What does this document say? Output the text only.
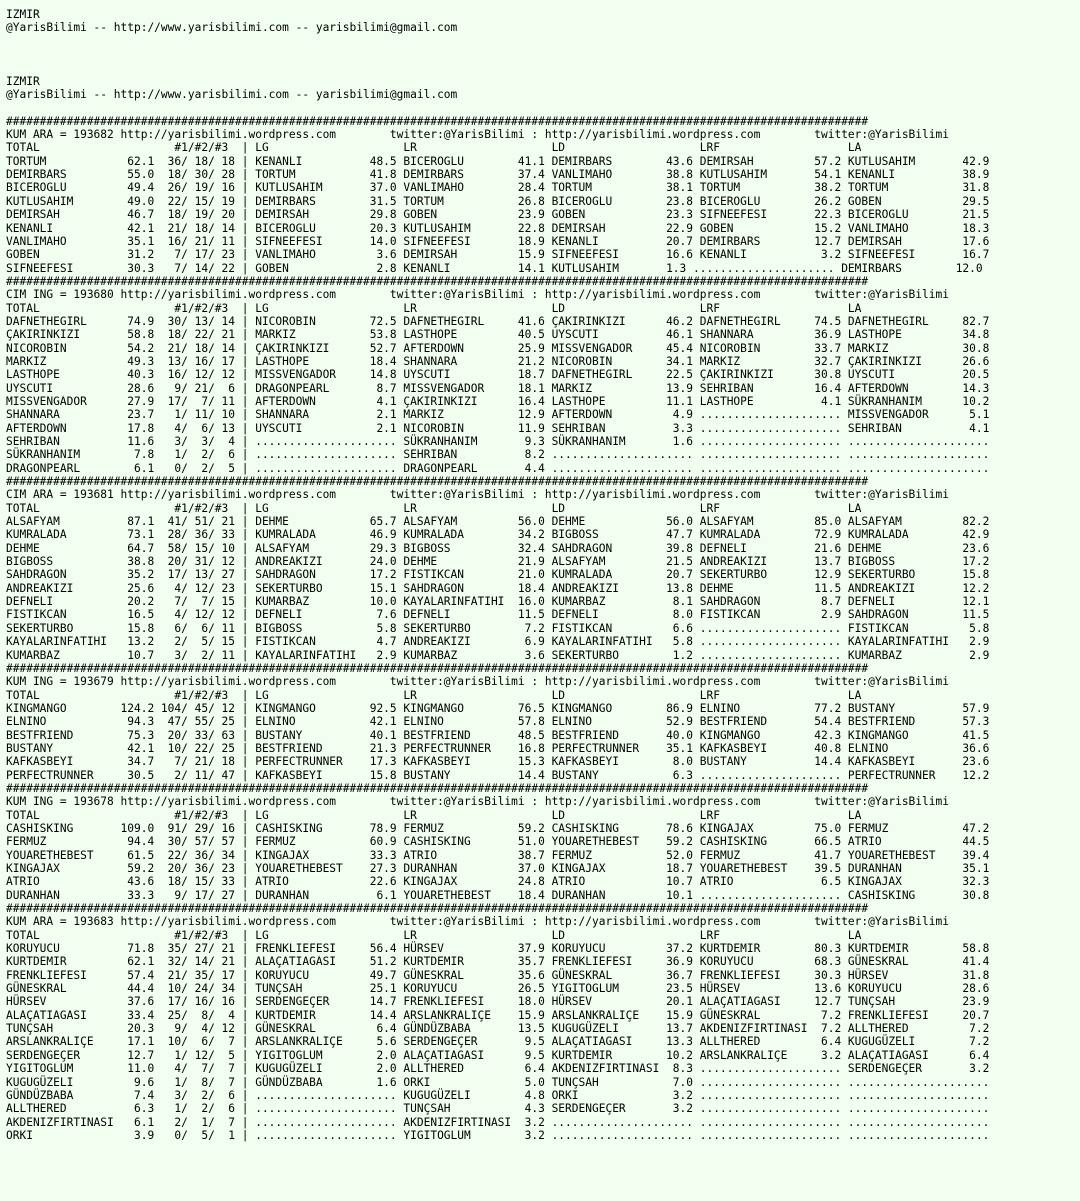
IZMIR
@YarisBilimi -- http://www.yarisbilimi.com -- yarisbilimi@gmail.com

IZMIR
@YarisBilimi -- http://www.yarisbilimi.com -- yarisbilimi@gmail.com

################################################################################################################################
KUM ARA = 193682 http://yarisbilimi.wordpress.com        twitter:@YarisBilimi : http://yarisbilimi.wordpress.com        twitter:@YarisBilimi
TOTAL                    #1/#2/#3  | LG                    LR                    LD                    LRF                   LA
TORTUM            62.1  36/ 18/ 18 | KENANLI          48.5 BICEROGLU        41.1 DEMIRBARS        43.6 DEMIRSAH         57.2 KUTLUSAHIM       42.9
DEMIRBARS         55.0  18/ 30/ 28 | TORTUM           41.8 DEMIRBARS        37.4 VANLIMAHO        38.8 KUTLUSAHIM       54.1 KENANLI          38.9
BICEROGLU         49.4  26/ 19/ 16 | KUTLUSAHIM       37.0 VANLIMAHO        28.4 TORTUM           38.1 TORTUM           38.2 TORTUM           31.8
KUTLUSAHIM        49.0  22/ 15/ 19 | DEMIRBARS        31.5 TORTUM           26.8 BICEROGLU        23.8 BICEROGLU        26.2 GOBEN            29.5
DEMIRSAH          46.7  18/ 19/ 20 | DEMIRSAH         29.8 GOBEN            23.9 GOBEN            23.3 SIFNEEFESI       22.3 BICEROGLU        21.5
KENANLI           42.1  21/ 18/ 14 | BICEROGLU        20.3 KUTLUSAHIM       22.8 DEMIRSAH         22.9 GOBEN            15.2 VANLIMAHO        18.3
VANLIMAHO         35.1  16/ 21/ 11 | SIFNEEFESI       14.0 SIFNEEFESI       18.9 KENANLI          20.7 DEMIRBARS        12.7 DEMIRSAH         17.6
GOBEN             31.2   7/ 17/ 23 | VANLIMAHO         3.6 DEMIRSAH         15.9 SIFNEEFESI       16.6 KENANLI           3.2 SIFNEEFESI       16.7
SIFNEEFESI        30.3   7/ 14/ 22 | GOBEN             2.8 KENANLI          14.1 KUTLUSAHIM       1.3 ..................... DEMIRBARS        12.0
################################################################################################################################
CIM ING = 193680 http://yarisbilimi.wordpress.com        twitter:@YarisBilimi : http://yarisbilimi.wordpress.com        twitter:@YarisBilimi
TOTAL                    #1/#2/#3  | LG                    LR                    LD                    LRF                   LA
DAFNETHEGIRL      74.9  30/ 13/ 14 | NICOROBIN        72.5 DAFNETHEGIRL     41.6 ÇAKIRINKIZI      46.2 DAFNETHEGIRL     74.5 DAFNETHEGIRL     82.7
ÇAKIRINKIZI       58.8  18/ 22/ 21 | MARKIZ           53.8 LASTHOPE         40.5 UYSCUTI          46.1 SHANNARA         36.9 LASTHOPE         34.8
NICOROBIN         54.2  21/ 18/ 14 | ÇAKIRINKIZI      52.7 AFTERDOWN        25.9 MISSVENGADOR     45.4 NICOROBIN        33.7 MARKIZ           30.8
MARKIZ            49.3  13/ 16/ 17 | LASTHOPE         18.4 SHANNARA         21.2 NICOROBIN        34.1 MARKIZ           32.7 ÇAKIRINKIZI      26.6
LASTHOPE          40.3  16/ 12/ 12 | MISSVENGADOR     14.8 UYSCUTI          18.7 DAFNETHEGIRL     22.5 ÇAKIRINKIZI      30.8 UYSCUTI          20.5
UYSCUTI           28.6   9/ 21/  6 | DRAGONPEARL       8.7 MISSVENGADOR     18.1 MARKIZ           13.9 SEHRIBAN         16.4 AFTERDOWN        14.3
MISSVENGADOR      27.9  17/  7/ 11 | AFTERDOWN         4.1 ÇAKIRINKIZI      16.4 LASTHOPE         11.1 LASTHOPE          4.1 SÜKRANHANIM      10.2
SHANNARA          23.7   1/ 11/ 10 | SHANNARA          2.1 MARKIZ           12.9 AFTERDOWN         4.9 ..................... MISSVENGADOR      5.1
AFTERDOWN         17.8   4/  6/ 13 | UYSCUTI           2.1 NICOROBIN        11.9 SEHRIBAN          3.3 ..................... SEHRIBAN          4.1
SEHRIBAN          11.6   3/  3/  4 | ..................... SÜKRANHANIM       9.3 SÜKRANHANIM       1.6 ..................... .....................
SÜKRANHANIM        7.8   1/  2/  6 | ..................... SEHRIBAN          8.2 ..................... ..................... .....................
DRAGONPEARL        6.1   0/  2/  5 | ..................... DRAGONPEARL       4.4 ..................... ..................... .....................
################################################################################################################################
CIM ARA = 193681 http://yarisbilimi.wordpress.com        twitter:@YarisBilimi : http://yarisbilimi.wordpress.com        twitter:@YarisBilimi
TOTAL                    #1/#2/#3  | LG                    LR                    LD                    LRF                   LA
ALSAFYAM          87.1  41/ 51/ 21 | DEHME            65.7 ALSAFYAM         56.0 DEHME            56.0 ALSAFYAM         85.0 ALSAFYAM         82.2
KUMRALADA         73.1  28/ 36/ 33 | KUMRALADA        46.9 KUMRALADA        34.2 BIGBOSS          47.7 KUMRALADA        72.9 KUMRALADA        42.9
DEHME             64.7  58/ 15/ 10 | ALSAFYAM         29.3 BIGBOSS          32.4 SAHDRAGON        39.8 DEFNELI          21.6 DEHME            23.6
BIGBOSS           38.8  20/ 31/ 12 | ANDREAKIZI       24.0 DEHME            21.9 ALSAFYAM         21.5 ANDREAKIZI       13.7 BIGBOSS          17.2
SAHDRAGON         35.2  17/ 13/ 27 | SAHDRAGON        17.2 FISTIKCAN        21.0 KUMRALADA        20.7 SEKERTURBO       12.9 SEKERTURBO       15.8
ANDREAKIZI        25.6   4/ 12/ 23 | SEKERTURBO       15.1 SAHDRAGON        18.4 ANDREAKIZI       13.8 DEHME            11.5 ANDREAKIZI       12.2
DEFNELI           20.2   7/  7/ 15 | KUMARBAZ         10.0 KAYALARINFATIHI  16.0 KUMARBAZ          8.1 SAHDRAGON         8.7 DEFNELI          12.1
FISTIKCAN         16.5   4/ 12/ 12 | DEFNELI           7.6 DEFNELI          11.5 DEFNELI           8.0 FISTIKCAN         2.9 SAHDRAGON        11.5
SEKERTURBO        15.8   6/  6/ 11 | BIGBOSS           5.8 SEKERTURBO        7.2 FISTIKCAN         6.6 ..................... FISTIKCAN         5.8
KAYALARINFATIHI   13.2   2/  5/ 15 | FISTIKCAN         4.7 ANDREAKIZI        6.9 KAYALARINFATIHI   5.8 ..................... KAYALARINFATIHI   2.9
KUMARBAZ          10.7   3/  2/ 11 | KAYALARINFATIHI   2.9 KUMARBAZ          3.6 SEKERTURBO        1.2 ..................... KUMARBAZ          2.9
################################################################################################################################
KUM ING = 193679 http://yarisbilimi.wordpress.com        twitter:@YarisBilimi : http://yarisbilimi.wordpress.com        twitter:@YarisBilimi
TOTAL                    #1/#2/#3  | LG                    LR                    LD                    LRF                   LA
KINGMANGO        124.2 104/ 45/ 12 | KINGMANGO        92.5 KINGMANGO        76.5 KINGMANGO        86.9 ELNINO           77.2 BUSTANY          57.9
ELNINO            94.3  47/ 55/ 25 | ELNINO           42.1 ELNINO           57.8 ELNINO           52.9 BESTFRIEND       54.4 BESTFRIEND       57.3
BESTFRIEND        75.3  20/ 33/ 63 | BUSTANY          40.1 BESTFRIEND       48.5 BESTFRIEND       40.0 KINGMANGO        42.3 KINGMANGO        41.5
BUSTANY           42.1  10/ 22/ 25 | BESTFRIEND       21.3 PERFECTRUNNER    16.8 PERFECTRUNNER    35.1 KAFKASBEYI       40.8 ELNINO           36.6
KAFKASBEYI        34.7   7/ 21/ 18 | PERFECTRUNNER    17.3 KAFKASBEYI       15.3 KAFKASBEYI        8.0 BUSTANY          14.4 KAFKASBEYI       23.6
PERFECTRUNNER     30.5   2/ 11/ 47 | KAFKASBEYI       15.8 BUSTANY          14.4 BUSTANY           6.3 ..................... PERFECTRUNNER    12.2
################################################################################################################################
KUM ING = 193678 http://yarisbilimi.wordpress.com        twitter:@YarisBilimi : http://yarisbilimi.wordpress.com        twitter:@YarisBilimi
TOTAL                    #1/#2/#3  | LG                    LR                    LD                    LRF                   LA
CASHISKING       109.0  91/ 29/ 16 | CASHISKING       78.9 FERMUZ           59.2 CASHISKING       78.6 KINGAJAX         75.0 FERMUZ           47.2
FERMUZ            94.4  30/ 57/ 57 | FERMUZ           60.9 CASHISKING       51.0 YOUARETHEBEST    59.2 CASHISKING       66.5 ATRIO            44.5
YOUARETHEBEST     61.5  22/ 36/ 34 | KINGAJAX         33.3 ATRIO            38.7 FERMUZ           52.0 FERMUZ           41.7 YOUARETHEBEST    39.4
KINGAJAX          59.2  20/ 36/ 23 | YOUARETHEBEST    27.3 DURANHAN         37.0 KINGAJAX         18.7 YOUARETHEBEST    39.5 DURANHAN         35.1
ATRIO             43.6  18/ 15/ 33 | ATRIO            22.6 KINGAJAX         24.8 ATRIO            10.7 ATRIO             6.5 KINGAJAX         32.3
DURANHAN          33.3   9/ 17/ 27 | DURANHAN          6.1 YOUARETHEBEST    18.4 DURANHAN         10.1 ..................... CASHISKING       30.8
################################################################################################################################
KUM ARA = 193683 http://yarisbilimi.wordpress.com        twitter:@YarisBilimi : http://yarisbilimi.wordpress.com        twitter:@YarisBilimi
TOTAL                    #1/#2/#3  | LG                    LR                    LD                    LRF                   LA
KORUYUCU          71.8  35/ 27/ 21 | FRENKLIEFESI     56.4 HÜRSEV           37.9 KORUYUCU         37.2 KURTDEMIR        80.3 KURTDEMIR        58.8
KURTDEMIR         62.1  32/ 14/ 21 | ALAÇATIAGASI     51.2 KURTDEMIR        35.7 FRENKLIEFESI     36.9 KORUYUCU         68.3 GÜNESKRAL        41.4
FRENKLIEFESI      57.4  21/ 35/ 17 | KORUYUCU         49.7 GÜNESKRAL        35.6 GÜNESKRAL        36.7 FRENKLIEFESI     30.3 HÜRSEV           31.8
GÜNESKRAL         44.4  10/ 24/ 34 | TUNÇSAH          25.1 KORUYUCU         26.5 YIGITOGLUM       23.5 HÜRSEV           13.6 KORUYUCU         28.6
HÜRSEV            37.6  17/ 16/ 16 | SERDENGEÇER      14.7 FRENKLIEFESI     18.0 HÜRSEV           20.1 ALAÇATIAGASI     12.7 TUNÇSAH          23.9
ALAÇATIAGASI      33.4  25/  8/  4 | KURTDEMIR        14.4 ARSLANKRALIÇE    15.9 ARSLANKRALIÇE    15.9 GÜNESKRAL         7.2 FRENKLIEFESI     20.7
TUNÇSAH           20.3   9/  4/ 12 | GÜNESKRAL         6.4 GÜNDÜZBABA       13.5 KUGUGÜZELI       13.7 AKDENIZFIRTINASI  7.2 ALLTHERED         7.2
ARSLANKRALIÇE     17.1  10/  6/  7 | ARSLANKRALIÇE     5.6 SERDENGEÇER       9.5 ALAÇATIAGASI     13.3 ALLTHERED         6.4 KUGUGÜZELI        7.2
SERDENGEÇER       12.7   1/ 12/  5 | YIGITOGLUM        2.0 ALAÇATIAGASI      9.5 KURTDEMIR        10.2 ARSLANKRALIÇE     3.2 ALAÇATIAGASI      6.4
YIGITOGLUM        11.0   4/  7/  7 | KUGUGÜZELI        2.0 ALLTHERED         6.4 AKDENIZFIRTINASI  8.3 ..................... SERDENGEÇER       3.2
KUGUGÜZELI         9.6   1/  8/  7 | GÜNDÜZBABA        1.6 ORKI              5.0 TUNÇSAH           7.0 ..................... .....................
GÜNDÜZBABA         7.4   3/  2/  6 | ..................... KUGUGÜZELI        4.8 ORKI              3.2 ..................... .....................
ALLTHERED          6.3   1/  2/  6 | ..................... TUNÇSAH           4.3 SERDENGEÇER       3.2 ..................... .....................
AKDENIZFIRTINASI   6.1   2/  1/  7 | ..................... AKDENIZFIRTINASI  3.2 ..................... ..................... .....................
ORKI               3.9   0/  5/  1 | ..................... YIGITOGLUM        3.2 ..................... ..................... .....................
